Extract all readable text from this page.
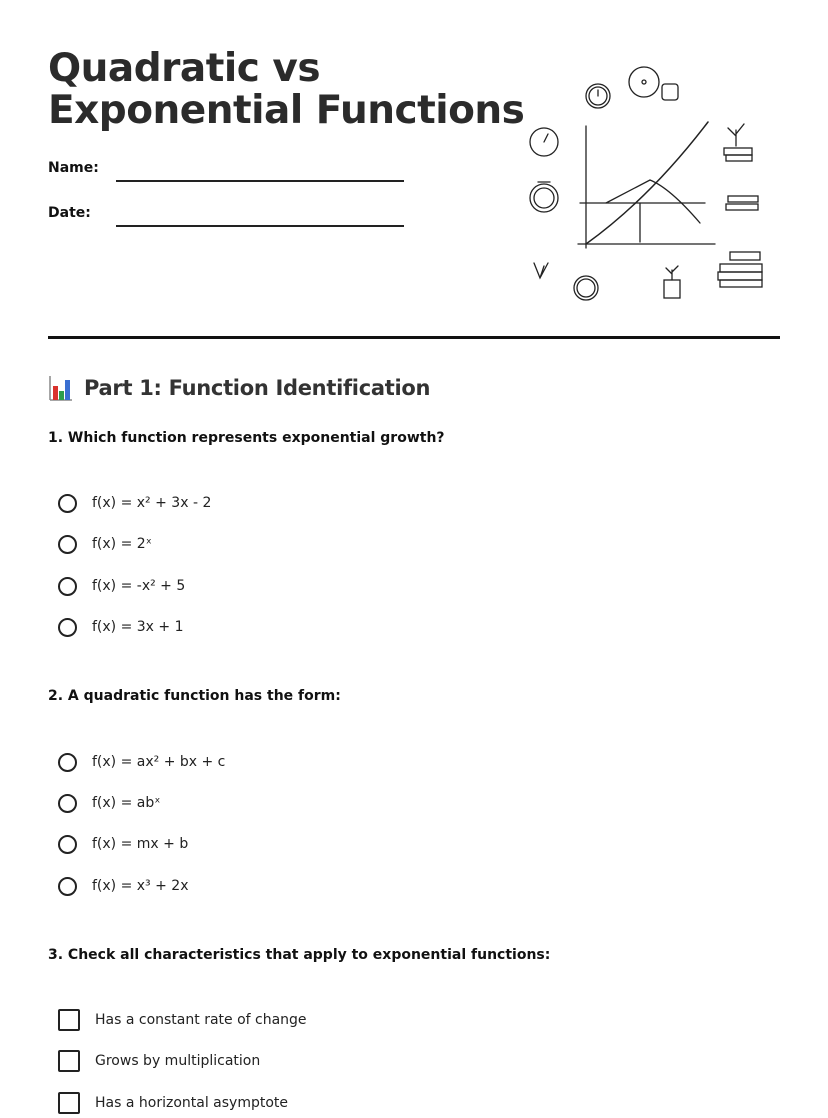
Quadratic vs
Exponential Functions
Name:
Date:
Part 1: Function Identification
1. Which function represents exponential growth?
f(x) = x² + 3x - 2
f(x) = 2ˣ
f(x) = -x² + 5
f(x) = 3x + 1
2. A quadratic function has the form:
f(x) = ax² + bx + c
f(x) = abˣ
f(x) = mx + b
f(x) = x³ + 2x
3. Check all characteristics that apply to exponential functions:
Has a constant rate of change
Grows by multiplication
Has a horizontal asymptote
